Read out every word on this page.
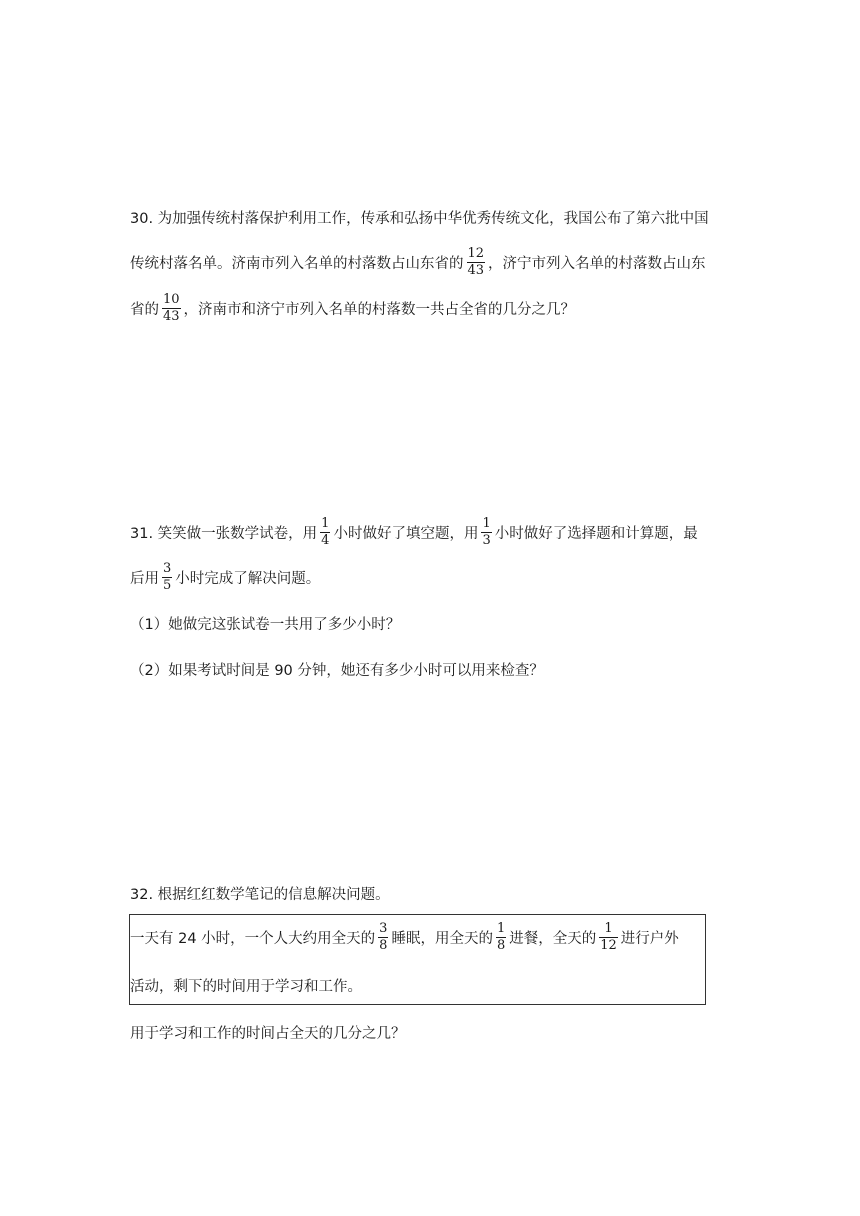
30. 为加强传统村落保护利用工作，传承和弘扬中华优秀传统文化，我国公布了第六批中国
传统村落名单。济南市列入名单的村落数占山东省的 $\frac{12}{43}$ ，济宁市列入名单的村落数占山东
省的 $\frac{10}{43}$ ，济南市和济宁市列入名单的村落数一共占全省的几分之几？
31. 笑笑做一张数学试卷，用 $\frac{1}{4}$ 小时做好了填空题，用 $\frac{1}{3}$ 小时做好了选择题和计算题，最
后用 $\frac{3}{5}$ 小时完成了解决问题。
（1）她做完这张试卷一共用了多少小时？
（2）如果考试时间是 90 分钟，她还有多少小时可以用来检查？
32. 根据红红数学笔记的信息解决问题。
一天有 24 小时，一个人大约用全天的 $\frac{3}{8}$ 睡眠，用全天的 $\frac{1}{8}$ 进餐，全天的 $\frac{1}{12}$ 进行户外
活动，剩下的时间用于学习和工作。
用于学习和工作的时间占全天的几分之几？
